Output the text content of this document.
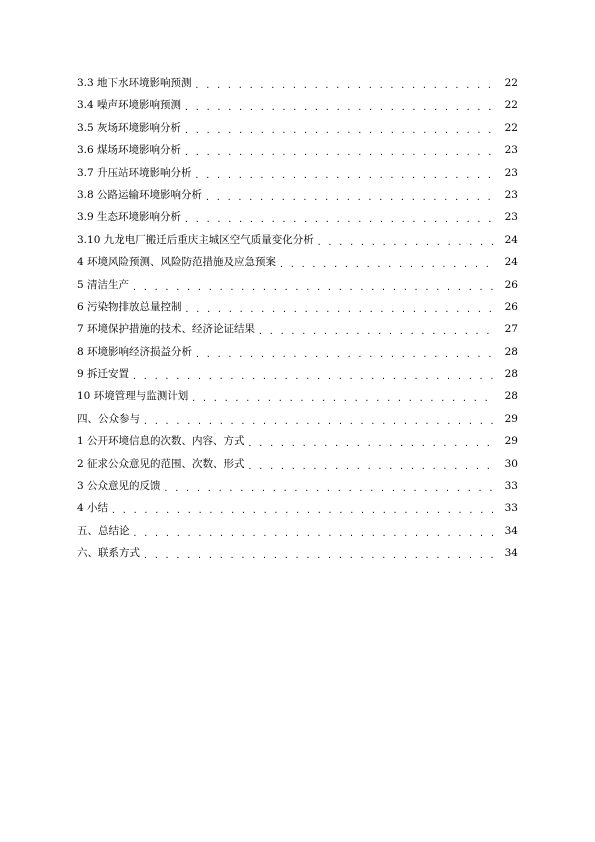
3.3 地下水环境影响预测 . . .	22
3.4 噪声环境影响预测 . . .	22
3.5 灰场环境影响分析 . . .	22
3.6 煤场环境影响分析 . . .	23
3.7 升压站环境影响分析 . . .	23
3.8 公路运输环境影响分析 . . .	23
3.9 生态环境影响分析 . . .	23
3.10 九龙电厂搬迁后重庆主城区空气质量变化分析 . . .	24
4 环境风险预测、风险防范措施及应急预案 . . .	24
5 清洁生产 . . .	26
6 污染物排放总量控制 . . .	26
7 环境保护措施的技术、经济论证结果 . . .	27
8 环境影响经济损益分析 . . .	28
9 拆迁安置 . . .	28
10 环境管理与监测计划 . . .	28
四、公众参与 . . .	29
1 公开环境信息的次数、内容、方式 . . .	29
2 征求公众意见的范围、次数、形式 . . .	30
3 公众意见的反馈 . . .	33
4 小结 . . .	33
五、总结论 . . .	34
六、联系方式 . . .	34
